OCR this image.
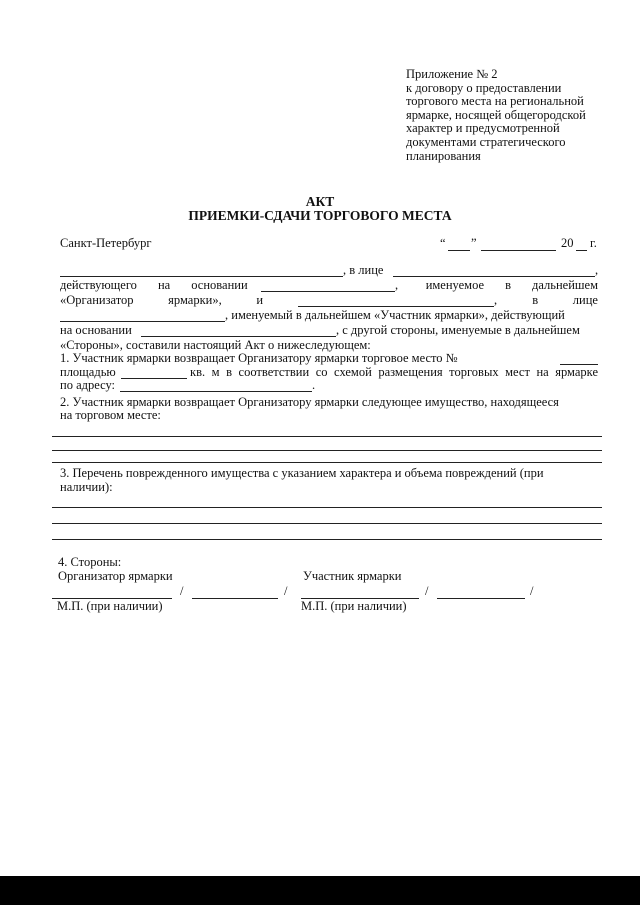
Приложение № 2
к договору о предоставлении
торгового места на региональной
ярмарке, носящей общегородской
характер и предусмотренной
документами стратегического
планирования
АКТ
ПРИЕМКИ-СДАЧИ ТОРГОВОГО МЕСТА
Санкт-Петербург	“ ”	20 г.
, в лице	,
действующего на основании	именуемое в дальнейшем
,
«Организатор	ярмарки»,	и	в	лице
,
, именуемый в дальнейшем «Участник ярмарки», действующий
на основании	, с другой стороны, именуемые в дальнейшем
«Стороны», составили настоящий Акт о нижеследующем:
1. Участник ярмарки возвращает Организатору ярмарки торговое место №
площадью	кв. м в соответствии со схемой размещения торговых мест на ярмарке
по адресу:	.
2. Участник ярмарки возвращает Организатору ярмарки следующее имущество, находящееся
на торговом месте:
3. Перечень поврежденного имущества с указанием характера и объема повреждений (при
наличии):
4. Стороны:
Организатор ярмарки	Участник ярмарки
/	/	/	/
М.П. (при наличии)	М.П. (при наличии)
